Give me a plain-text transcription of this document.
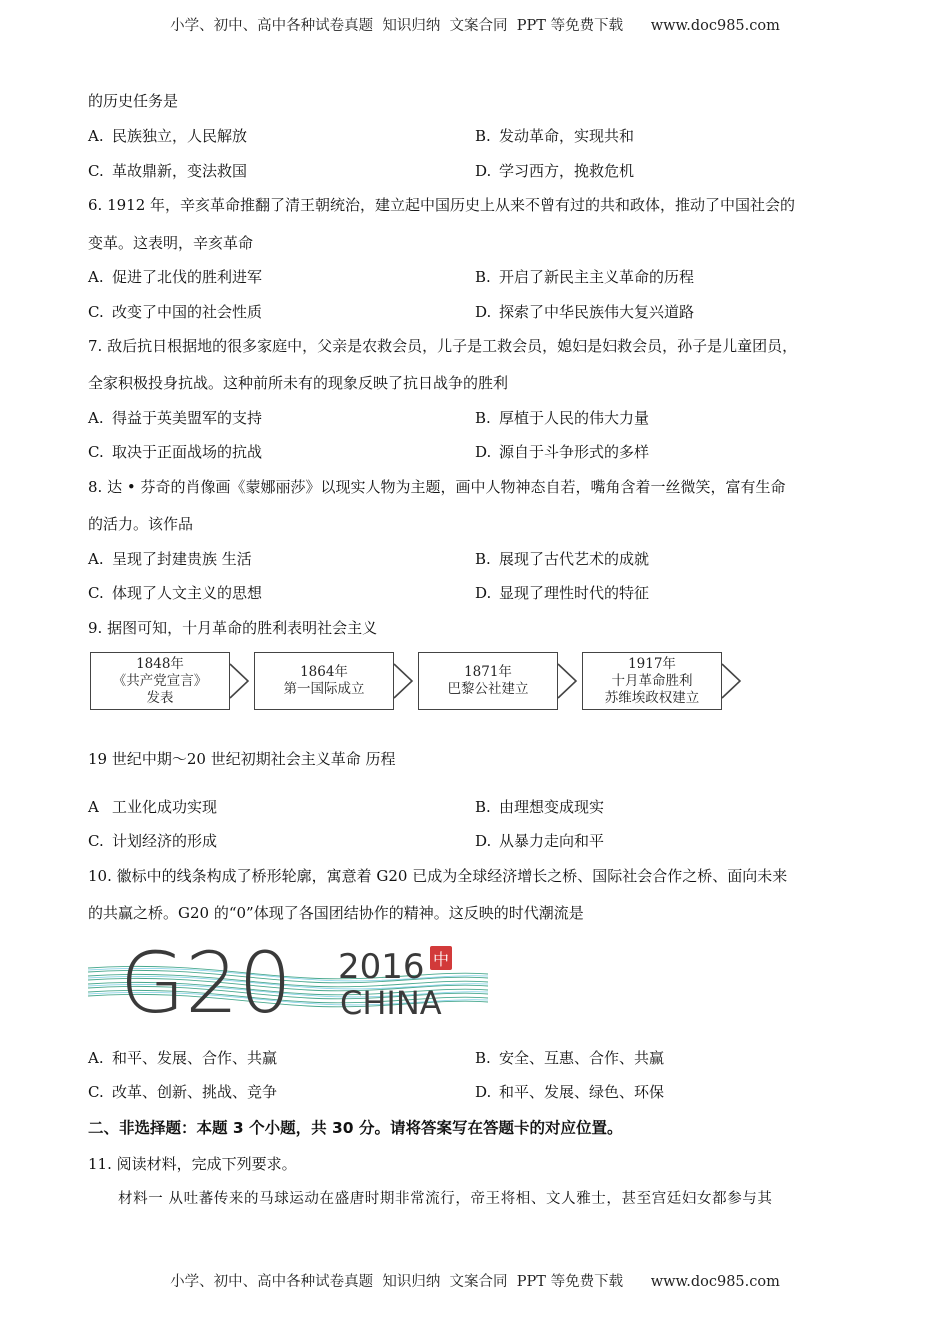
小学、初中、高中各种试卷真题  知识归纳  文案合同  PPT 等免费下载      www.doc985.com
的历史任务是
A. 民族独立，人民解放	B. 发动革命，实现共和
C. 革故鼎新，变法救国	D. 学习西方，挽救危机
6. 1912 年，辛亥革命推翻了清王朝统治，建立起中国历史上从来不曾有过的共和政体，推动了中国社会的
变革。这表明，辛亥革命
A. 促进了北伐的胜利进军	B. 开启了新民主主义革命的历程
C. 改变了中国的社会性质	D. 探索了中华民族伟大复兴道路
7. 敌后抗日根据地的很多家庭中，父亲是农救会员，儿子是工救会员，媳妇是妇救会员，孙子是儿童团员，
全家积极投身抗战。这种前所未有的现象反映了抗日战争的胜利
A. 得益于英美盟军的支持	B. 厚植于人民的伟大力量
C. 取决于正面战场的抗战	D. 源自于斗争形式的多样
8. 达 • 芬奇的肖像画《蒙娜丽莎》以现实人物为主题，画中人物神态自若，嘴角含着一丝微笑，富有生命
的活力。该作品
A. 呈现了封建贵族 生活	B. 展现了古代艺术的成就
C. 体现了人文主义的思想	D. 显现了理性时代的特征
9. 据图可知，十月革命的胜利表明社会主义
1848年
《共产党宣言》
发表
1864年
第一国际成立
1871年
巴黎公社建立
1917年
十月革命胜利
苏维埃政权建立
19 世纪中期～20 世纪初期社会主义革命 历程
A 工业化成功实现	B. 由理想变成现实
C. 计划经济的形成	D. 从暴力走向和平
10. 徽标中的线条构成了桥形轮廓，寓意着 G20 已成为全球经济增长之桥、国际社会合作之桥、面向未来
的共赢之桥。G20 的“0”体现了各国团结协作的精神。这反映的时代潮流是
G20 2016 中
CHINA
A. 和平、发展、合作、共赢	B. 安全、互惠、合作、共赢
C. 改革、创新、挑战、竞争	D. 和平、发展、绿色、环保
二、非选择题：本题 3 个小题，共 30 分。请将答案写在答题卡的对应位置。
11. 阅读材料，完成下列要求。
材料一 从吐蕃传来的马球运动在盛唐时期非常流行，帝王将相、文人雅士，甚至宫廷妇女都参与其
小学、初中、高中各种试卷真题  知识归纳  文案合同  PPT 等免费下载      www.doc985.com
